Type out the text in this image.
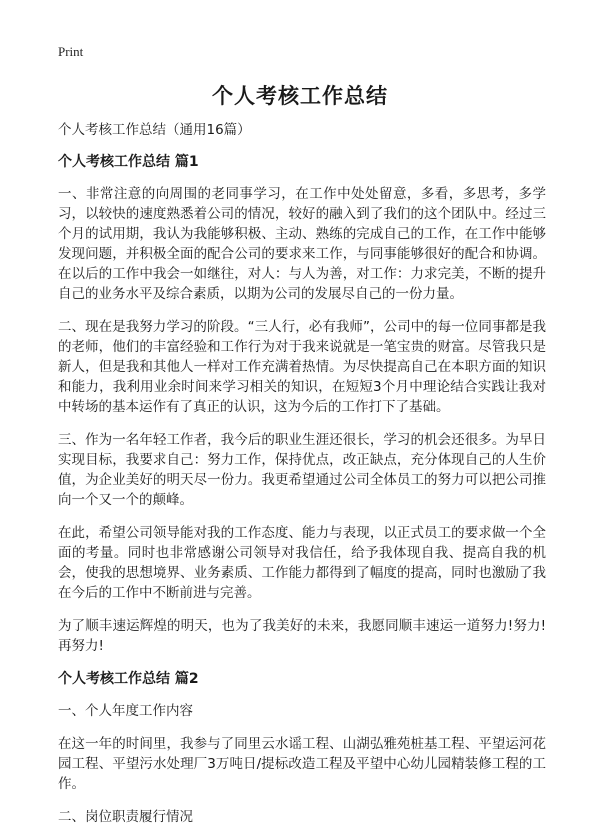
Print
个人考核工作总结

个人考核工作总结（通用16篇）

个人考核工作总结 篇1

一、非常注意的向周围的老同事学习，在工作中处处留意，多看，多思考，多学习，以较快的速度熟悉着公司的情况，较好的融入到了我们的这个团队中。经过三个月的试用期，我认为我能够积极、主动、熟练的完成自己的工作，在工作中能够发现问题，并积极全面的配合公司的要求来工作，与同事能够很好的配合和协调。在以后的工作中我会一如继往，对人：与人为善，对工作：力求完美，不断的提升自己的业务水平及综合素质，以期为公司的发展尽自己的一份力量。

二、现在是我努力学习的阶段。“三人行，必有我师”，公司中的每一位同事都是我的老师，他们的丰富经验和工作行为对于我来说就是一笔宝贵的财富。尽管我只是新人，但是我和其他人一样对工作充满着热情。为尽快提高自己在本职方面的知识和能力，我利用业余时间来学习相关的知识，在短短3个月中理论结合实践让我对中转场的基本运作有了真正的认识，这为今后的工作打下了基础。

三、作为一名年轻工作者，我今后的职业生涯还很长，学习的机会还很多。为早日实现目标，我要求自己：努力工作，保持优点，改正缺点，充分体现自己的人生价值，为企业美好的明天尽一份力。我更希望通过公司全体员工的努力可以把公司推向一个又一个的颠峰。

在此，希望公司领导能对我的工作态度、能力与表现，以正式员工的要求做一个全面的考量。同时也非常感谢公司领导对我信任，给予我体现自我、提高自我的机会，使我的思想境界、业务素质、工作能力都得到了幅度的提高，同时也激励了我在今后的工作中不断前进与完善。

为了顺丰速运辉煌的明天，也为了我美好的未来，我愿同顺丰速运一道努力!努力!再努力!

个人考核工作总结 篇2

一、个人年度工作内容

在这一年的时间里，我参与了同里云水谣工程、山湖弘雅苑桩基工程、平望运河花园工程、平望污水处理厂3万吨日/提标改造工程及平望中心幼儿园精装修工程的工作。

二、岗位职责履行情况
